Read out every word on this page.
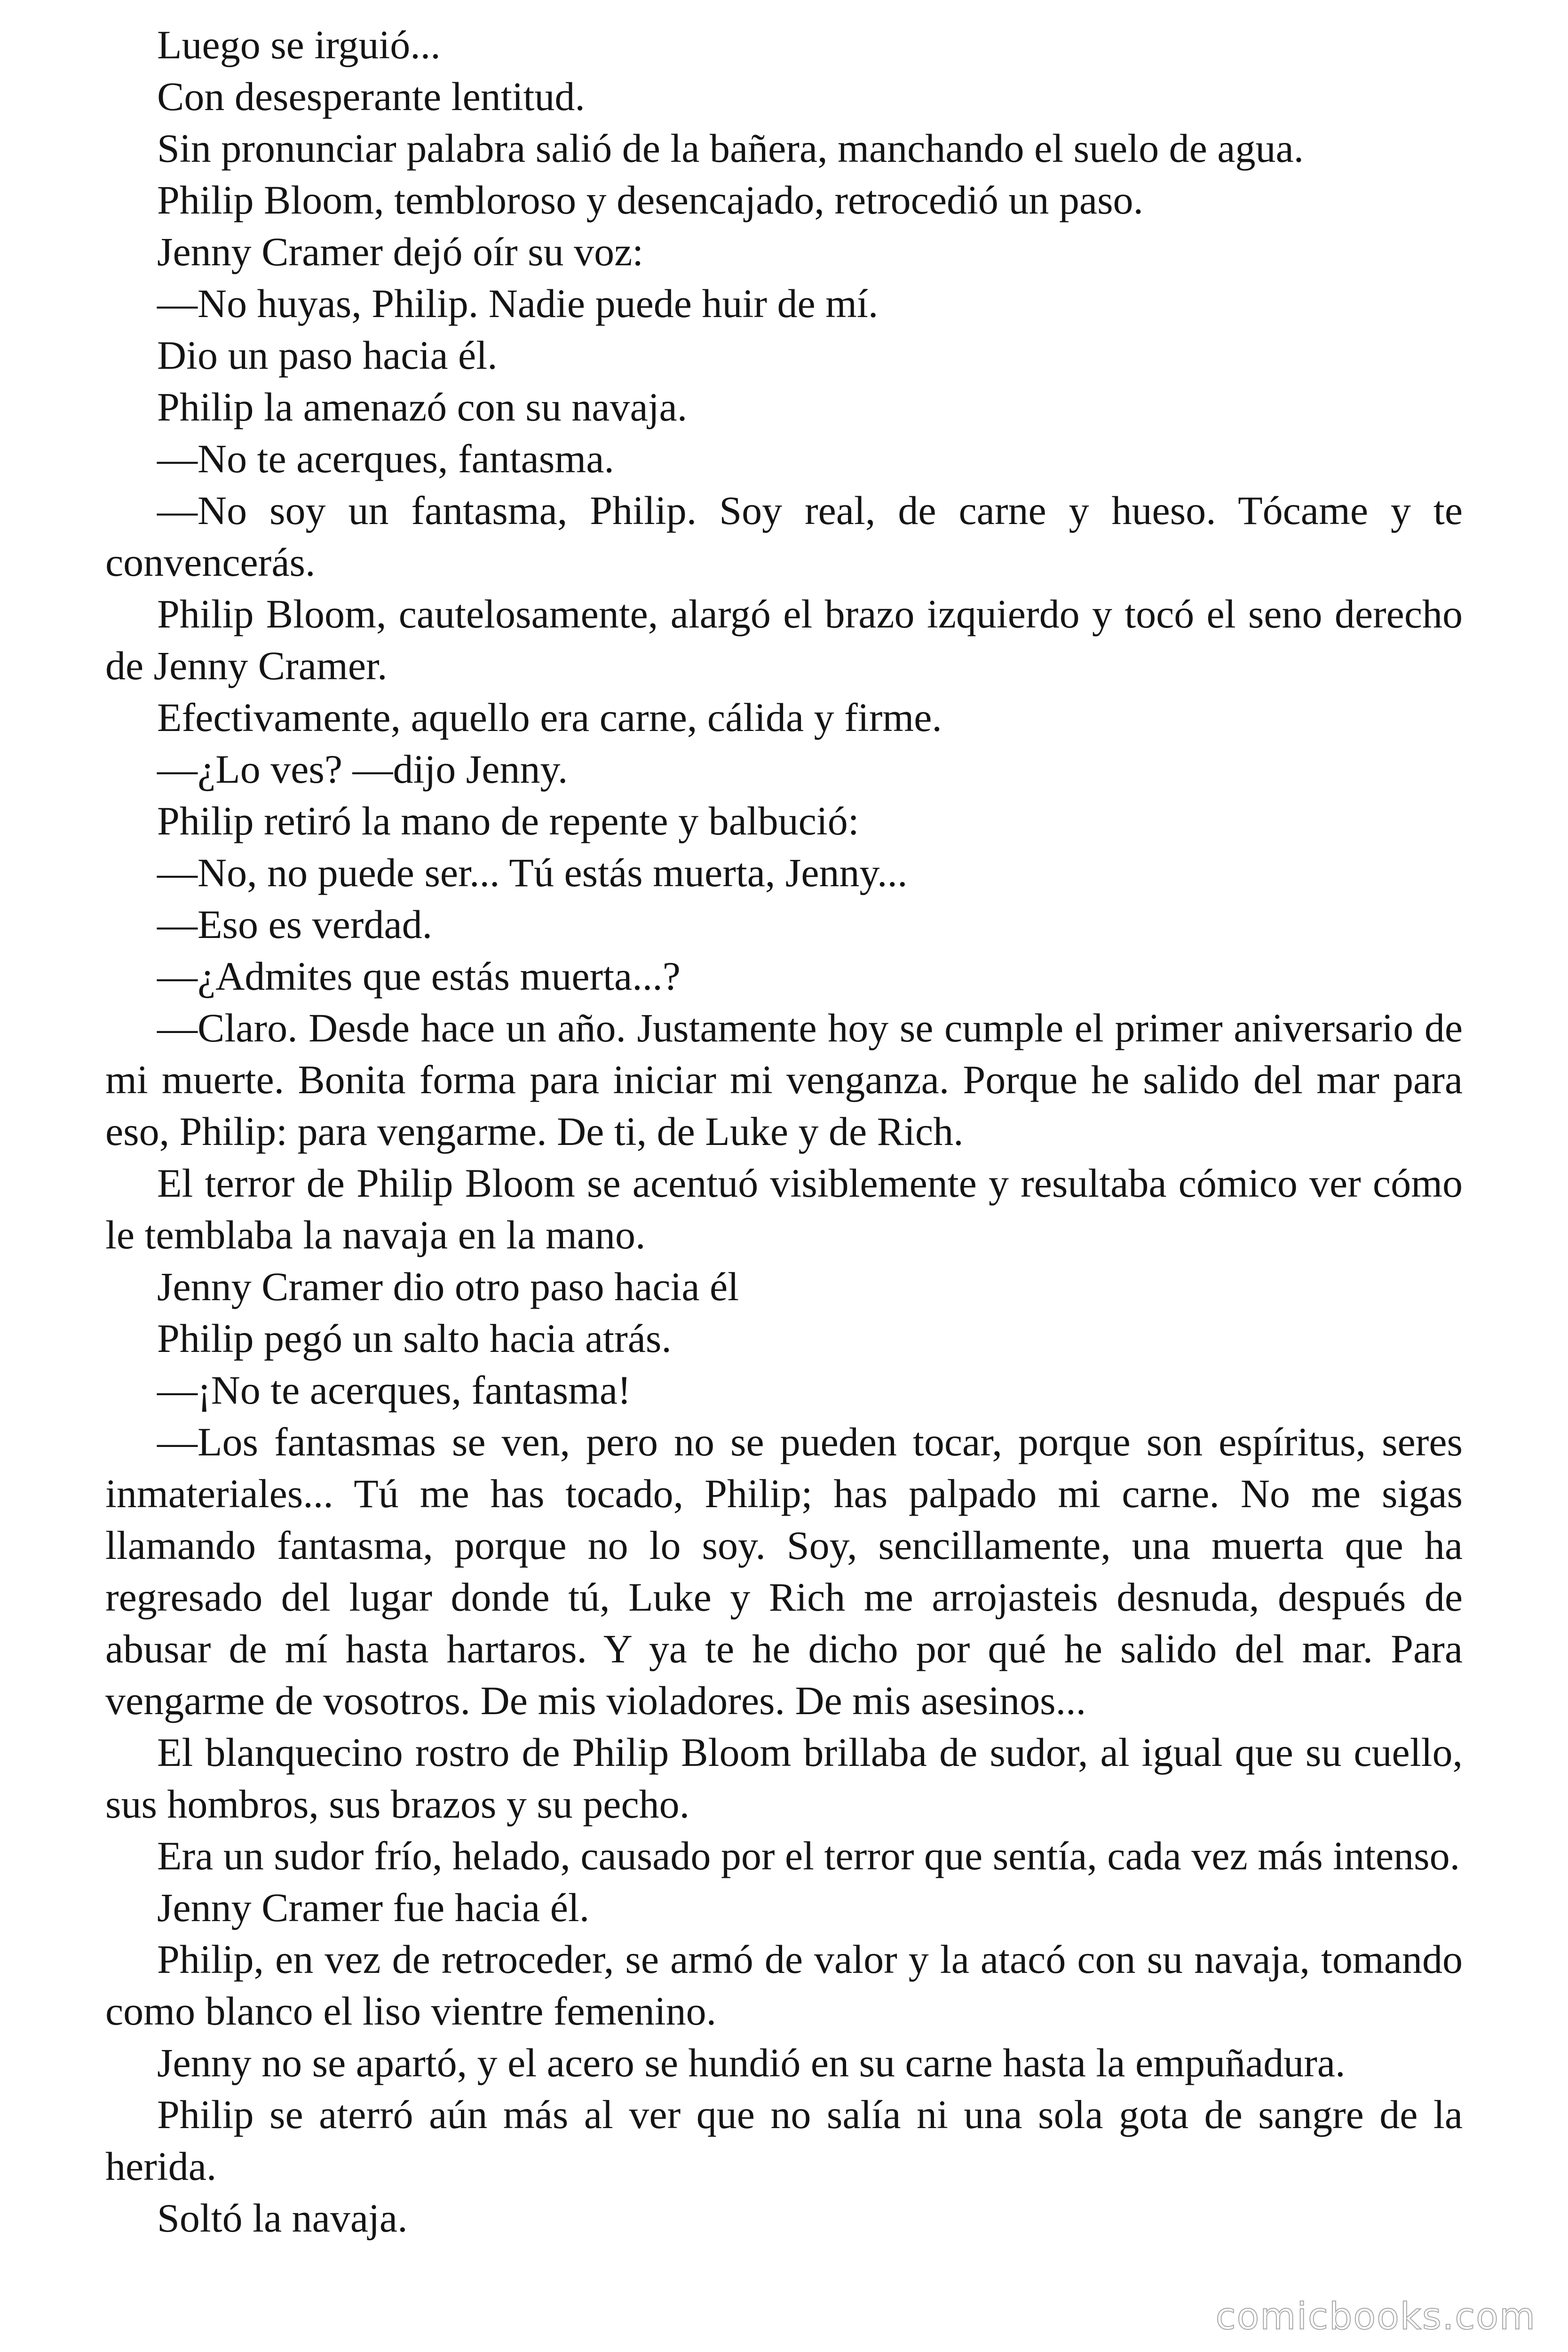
Luego se irguió...

Con desesperante lentitud.

Sin pronunciar palabra salió de la bañera, manchando el suelo de agua.

Philip Bloom, tembloroso y desencajado, retrocedió un paso.

Jenny Cramer dejó oír su voz:

—No huyas, Philip. Nadie puede huir de mí.

Dio un paso hacia él.

Philip la amenazó con su navaja.

—No te acerques, fantasma.

—No soy un fantasma, Philip. Soy real, de carne y hueso. Tócame y te convencerás.

Philip Bloom, cautelosamente, alargó el brazo izquierdo y tocó el seno derecho de Jenny Cramer.

Efectivamente, aquello era carne, cálida y firme.

—¿Lo ves? —dijo Jenny.

Philip retiró la mano de repente y balbució:

—No, no puede ser... Tú estás muerta, Jenny...

—Eso es verdad.

—¿Admites que estás muerta...?

—Claro. Desde hace un año. Justamente hoy se cumple el primer aniversario de mi muerte. Bonita forma para iniciar mi venganza. Porque he salido del mar para eso, Philip: para vengarme. De ti, de Luke y de Rich.

El terror de Philip Bloom se acentuó visiblemente y resultaba cómico ver cómo le temblaba la navaja en la mano.

Jenny Cramer dio otro paso hacia él

Philip pegó un salto hacia atrás.

—¡No te acerques, fantasma!

—Los fantasmas se ven, pero no se pueden tocar, porque son espíritus, seres inmateriales... Tú me has tocado, Philip; has palpado mi carne. No me sigas llamando fantasma, porque no lo soy. Soy, sencillamente, una muerta que ha regresado del lugar donde tú, Luke y Rich me arrojasteis desnuda, después de abusar de mí hasta hartaros. Y ya te he dicho por qué he salido del mar. Para vengarme de vosotros. De mis violadores. De mis asesinos...

El blanquecino rostro de Philip Bloom brillaba de sudor, al igual que su cuello, sus hombros, sus brazos y su pecho.

Era un sudor frío, helado, causado por el terror que sentía, cada vez más intenso.

Jenny Cramer fue hacia él.

Philip, en vez de retroceder, se armó de valor y la atacó con su navaja, tomando como blanco el liso vientre femenino.

Jenny no se apartó, y el acero se hundió en su carne hasta la empuñadura.

Philip se aterró aún más al ver que no salía ni una sola gota de sangre de la herida.

Soltó la navaja.

comicbooks.com
